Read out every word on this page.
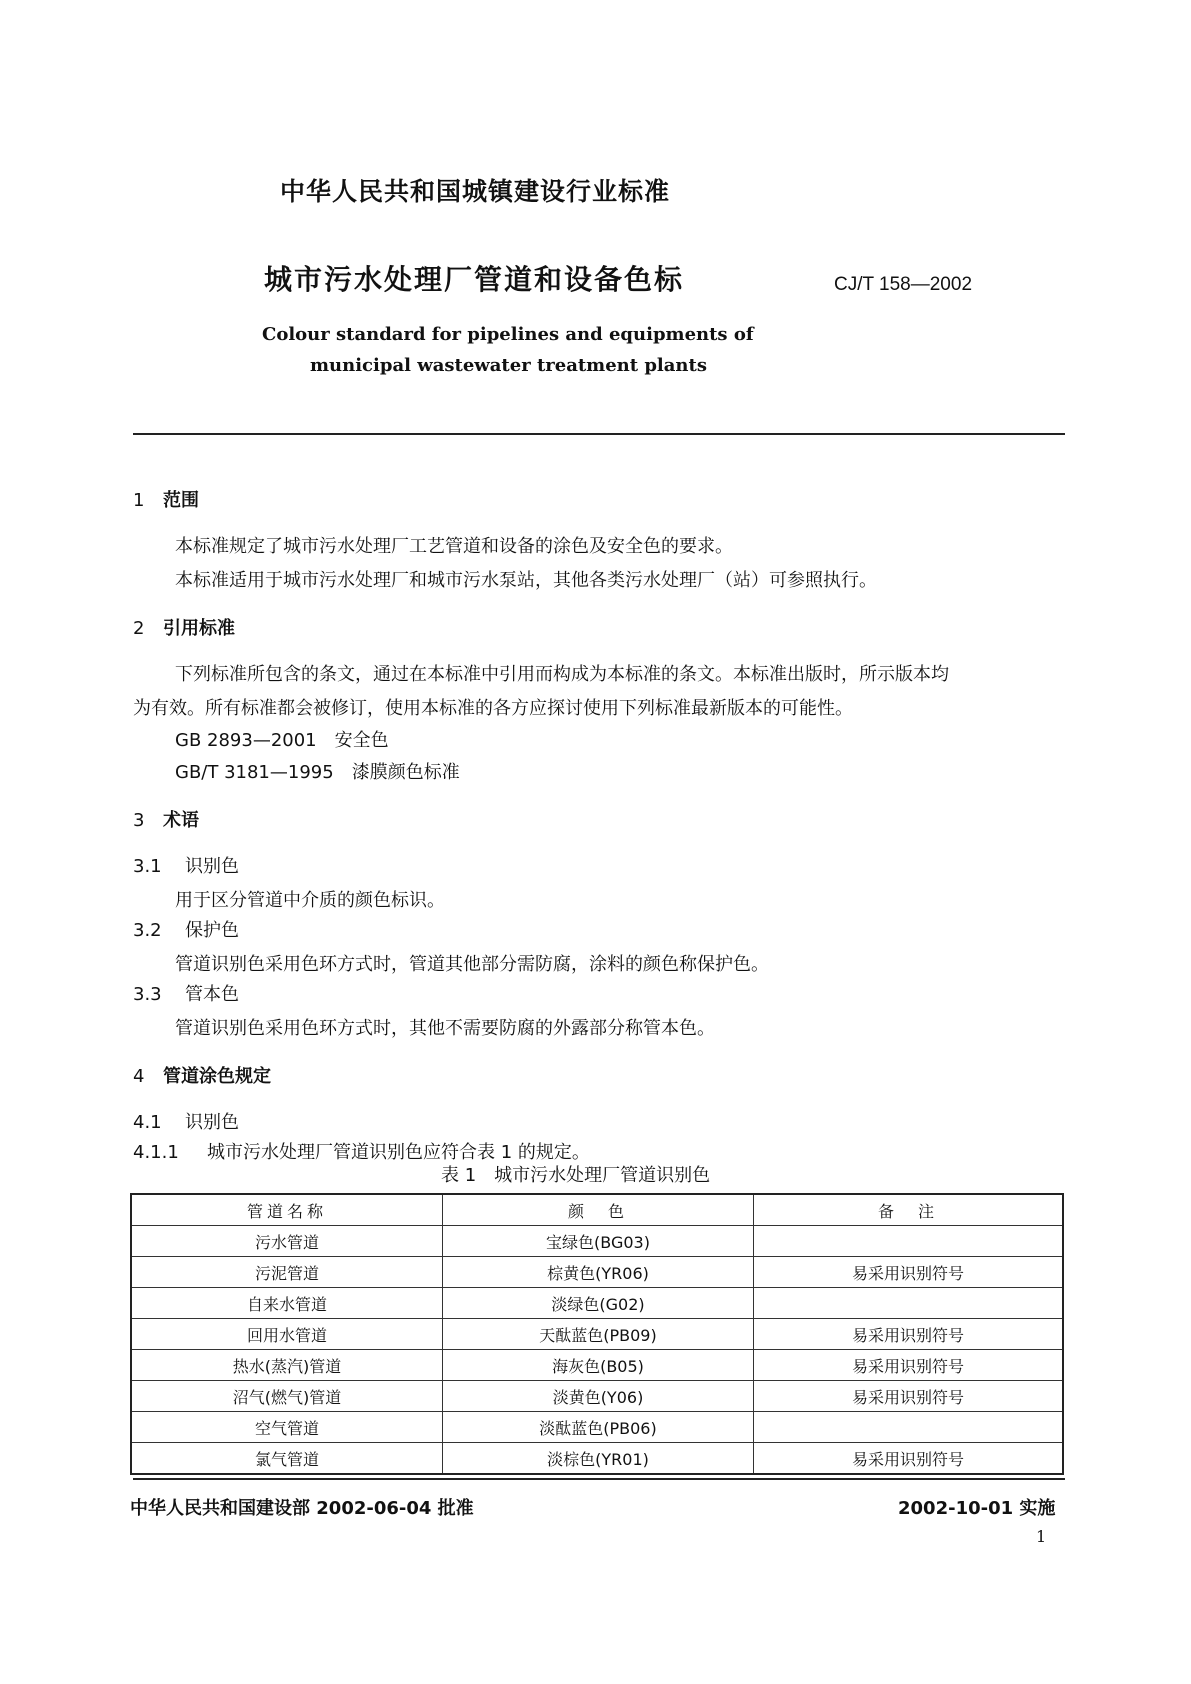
中华人民共和国城镇建设行业标准
城市污水处理厂管道和设备色标	CJ/T 158—2002
Colour standard for pipelines and equipments of
municipal wastewater treatment plants
1 范围
本标准规定了城市污水处理厂工艺管道和设备的涂色及安全色的要求。
本标准适用于城市污水处理厂和城市污水泵站，其他各类污水处理厂（站）可参照执行。
2 引用标准
下列标准所包含的条文，通过在本标准中引用而构成为本标准的条文。本标准出版时，所示版本均
为有效。所有标准都会被修订，使用本标准的各方应探讨使用下列标准最新版本的可能性。
GB 2893—2001　安全色
GB/T 3181—1995　漆膜颜色标准
3 术语
3.1 识别色
用于区分管道中介质的颜色标识。
3.2 保护色
管道识别色采用色环方式时，管道其他部分需防腐，涂料的颜色称保护色。
3.3 管本色
管道识别色采用色环方式时，其他不需要防腐的外露部分称管本色。
4 管道涂色规定
4.1 识别色
4.1.1 城市污水处理厂管道识别色应符合表 1 的规定。
表 1　城市污水处理厂管道识别色
管道名称	颜　色	备　注
污水管道	宝绿色(BG03)	
污泥管道	棕黄色(YR06)	易采用识别符号
自来水管道	淡绿色(G02)	
回用水管道	天酞蓝色(PB09)	易采用识别符号
热水(蒸汽)管道	海灰色(B05)	易采用识别符号
沼气(燃气)管道	淡黄色(Y06)	易采用识别符号
空气管道	淡酞蓝色(PB06)	
氯气管道	淡棕色(YR01)	易采用识别符号
中华人民共和国建设部 2002-06-04 批准	2002-10-01 实施
1
